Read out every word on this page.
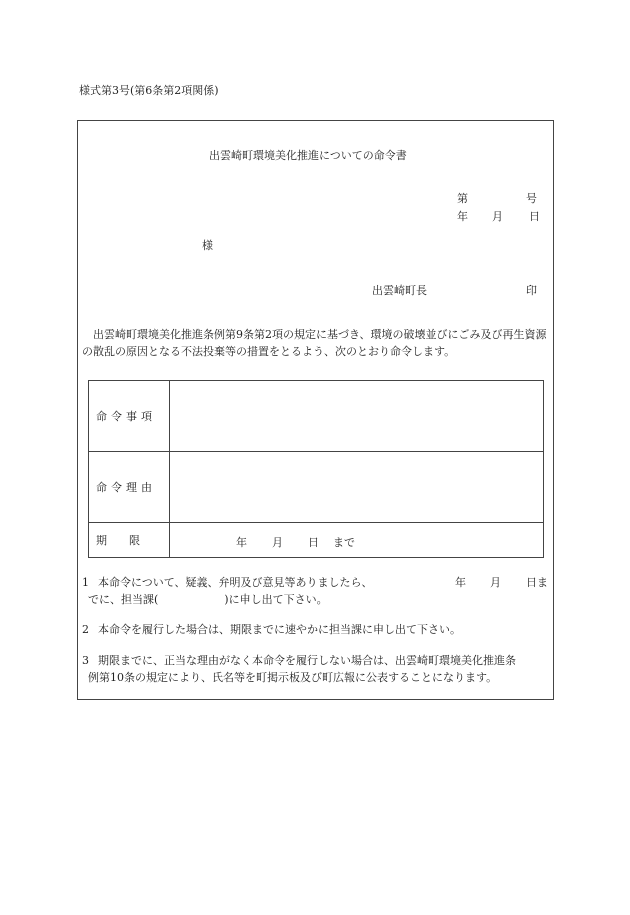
様式第3号(第6条第2項関係)
出雲崎町環境美化推進についての命令書
第	号
年 月 日
様
出雲崎町長	印
出雲崎町環境美化推進条例第9条第2項の規定に基づき、環境の破壊並びにごみ及び再生資源の散乱の原因となる不法投棄等の措置をとるよう、次のとおり命令します。
命令事項	
命令理由	
期　　限	年 月 日 まで
1 本命令について、疑義、弁明及び意見等ありましたら、	年 月 日ま
でに、担当課(　　　　　　)に申し出て下さい。
2 本命令を履行した場合は、期限までに速やかに担当課に申し出て下さい。
3 期限までに、正当な理由がなく本命令を履行しない場合は、出雲崎町環境美化推進条
例第10条の規定により、氏名等を町掲示板及び町広報に公表することになります。
